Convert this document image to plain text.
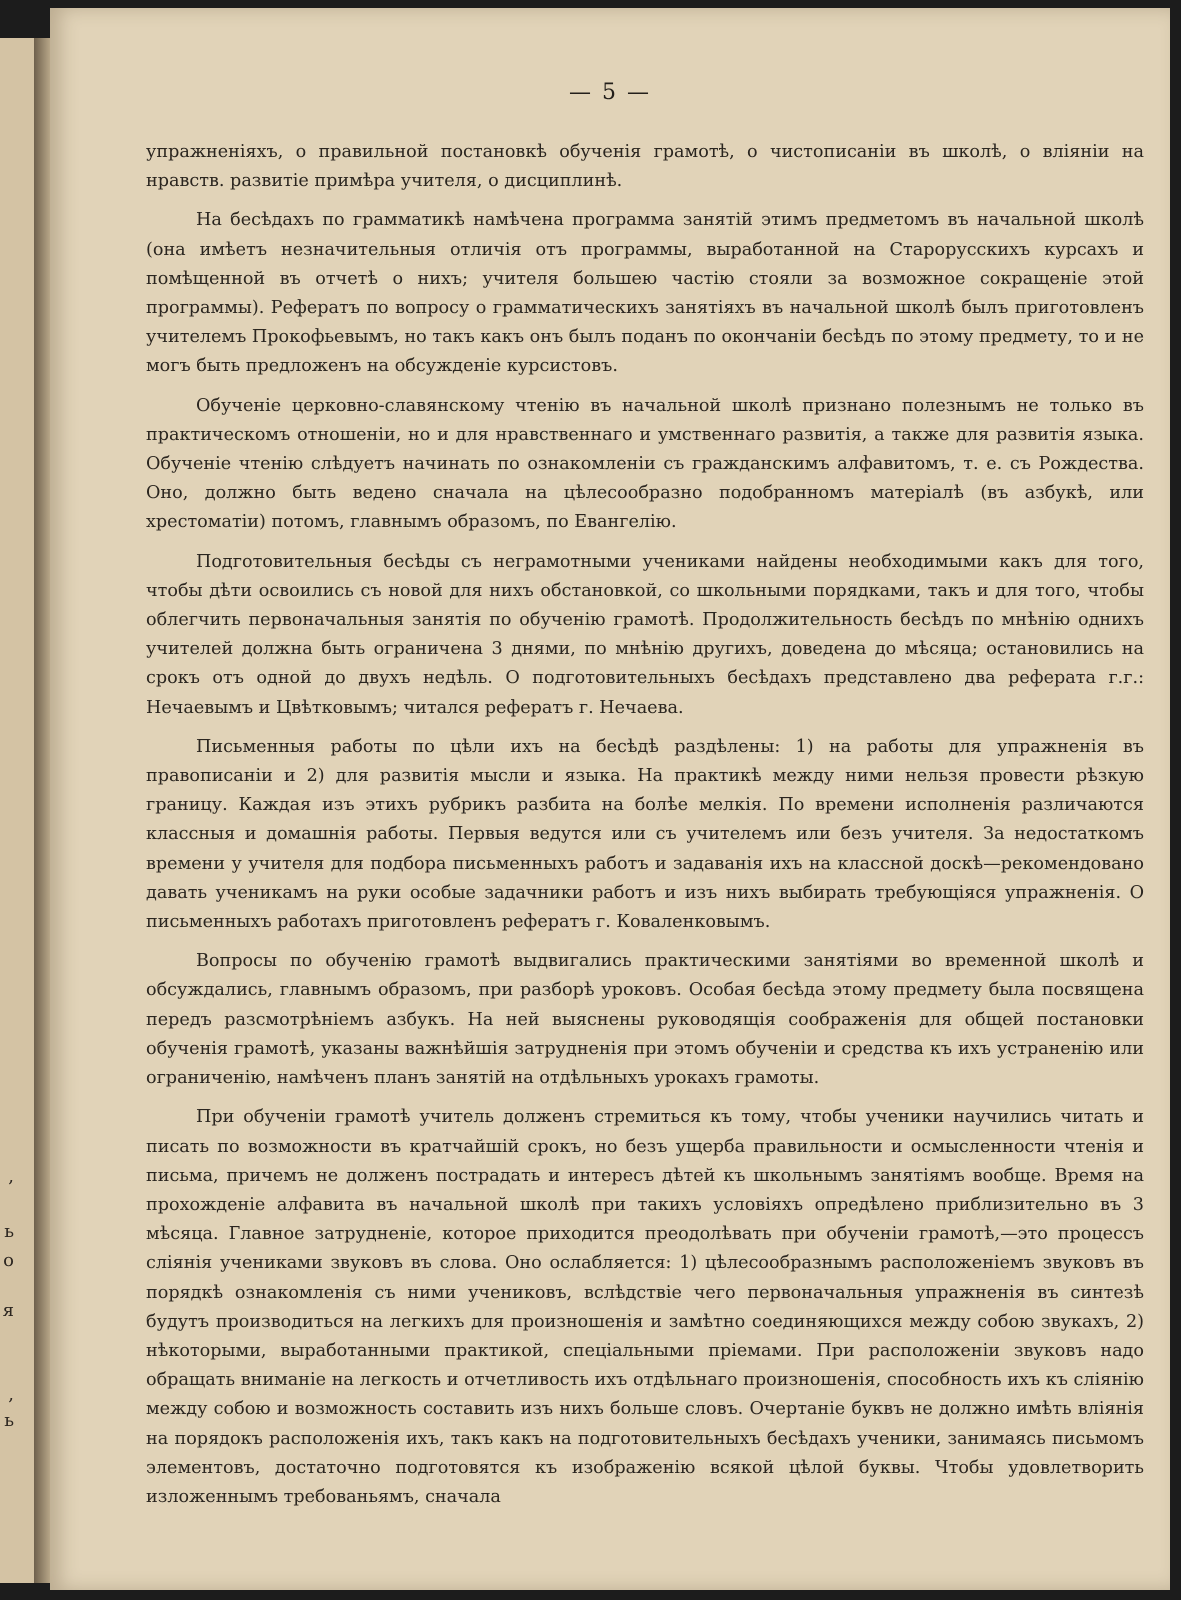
,
ь
о
я
,
ь
— 5 —

упражненiяхъ, о правильной постановкѣ обученiя грамотѣ, о чистописанiи въ школѣ, о влiянiи на нравств. развитiе примѣра учителя, о дисциплинѣ.

На бесѣдахъ по грамматикѣ намѣчена программа занятiй этимъ предметомъ въ начальной школѣ (она имѣетъ незначительныя отличiя отъ программы, выработанной на Старорусскихъ курсахъ и помѣщенной въ отчетѣ о нихъ; учителя большею частiю стояли за возможное сокращенiе этой программы). Рефератъ по вопросу о грамматическихъ занятiяхъ въ начальной школѣ былъ приготовленъ учителемъ Прокофьевымъ, но такъ какъ онъ былъ поданъ по окончанiи бесѣдъ по этому предмету, то и не могъ быть предложенъ на обсужденiе курсистовъ.

Обученiе церковно-славянскому чтенiю въ начальной школѣ признано полезнымъ не только въ практическомъ отношенiи, но и для нравственнаго и умственнаго развитiя, а также для развитiя языка. Обученiе чтенiю слѣдуетъ начинать по ознакомленiи съ гражданскимъ алфавитомъ, т. е. съ Рождества. Оно, должно быть ведено сначала на цѣлесообразно подобранномъ матерiалѣ (въ азбукѣ, или хрестоматiи) потомъ, главнымъ образомъ, по Евангелiю.

Подготовительныя бесѣды съ неграмотными учениками найдены необходимыми какъ для того, чтобы дѣти освоились съ новой для нихъ обстановкой, со школьными порядками, такъ и для того, чтобы облегчить первоначальныя занятiя по обученiю грамотѣ. Продолжительность бесѣдъ по мнѣнiю однихъ учителей должна быть ограничена 3 днями, по мнѣнiю другихъ, доведена до мѣсяца; остановились на срокъ отъ одной до двухъ недѣль. О подготовительныхъ бесѣдахъ представлено два реферата г.г.: Нечаевымъ и Цвѣтковымъ; читался рефератъ г. Нечаева.

Письменныя работы по цѣли ихъ на бесѣдѣ раздѣлены: 1) на работы для упражненiя въ правописанiи и 2) для развитiя мысли и языка. На практикѣ между ними нельзя провести рѣзкую границу. Каждая изъ этихъ рубрикъ разбита на болѣе мелкiя. По времени исполненiя различаются классныя и домашнiя работы. Первыя ведутся или съ учителемъ или безъ учителя. За недостаткомъ времени у учителя для подбора письменныхъ работъ и задаванiя ихъ на классной доскѣ—рекомендовано давать ученикамъ на руки особые задачники работъ и изъ нихъ выбирать требующiяся упражненiя. О письменныхъ работахъ приготовленъ рефератъ г. Коваленковымъ.

Вопросы по обученiю грамотѣ выдвигались практическими занятiями во временной школѣ и обсуждались, главнымъ образомъ, при разборѣ уроковъ. Особая бесѣда этому предмету была посвящена передъ разсмотрѣнiемъ азбукъ. На ней выяснены руководящiя соображенiя для общей постановки обученiя грамотѣ, указаны важнѣйшiя затрудненiя при этомъ обученiи и средства къ ихъ устраненiю или ограниченiю, намѣченъ планъ занятiй на отдѣльныхъ урокахъ грамоты.

При обученiи грамотѣ учитель долженъ стремиться къ тому, чтобы ученики научились читать и писать по возможности въ кратчайшiй срокъ, но безъ ущерба правильности и осмысленности чтенiя и письма, причемъ не долженъ пострадать и интересъ дѣтей къ школьнымъ занятiямъ вообще. Время на прохожденiе алфавита въ начальной школѣ при такихъ условiяхъ опредѣлено приблизительно въ 3 мѣсяца. Главное затрудненiе, которое приходится преодолѣвать при обученiи грамотѣ,—это процессъ слiянiя учениками звуковъ въ слова. Оно ослабляется: 1) цѣлесообразнымъ расположенiемъ звуковъ въ порядкѣ ознакомленiя съ ними учениковъ, вслѣдствiе чего первоначальныя упражненiя въ синтезѣ будутъ производиться на легкихъ для произношенiя и замѣтно соединяющихся между собою звукахъ, 2) нѣкоторыми, выработанными практикой, спецiальными прiемами. При расположенiи звуковъ надо обращать вниманiе на легкость и отчетливость ихъ отдѣльнаго произношенiя, способность ихъ къ слiянiю между собою и возможность составить изъ нихъ больше словъ. Очертанiе буквъ не должно имѣть влiянiя на порядокъ расположенiя ихъ, такъ какъ на подготовительныхъ бесѣдахъ ученики, занимаясь письмомъ элементовъ, достаточно подготовятся къ изображенiю всякой цѣлой буквы. Чтобы удовлетворить изложеннымъ требованьямъ, сначала
